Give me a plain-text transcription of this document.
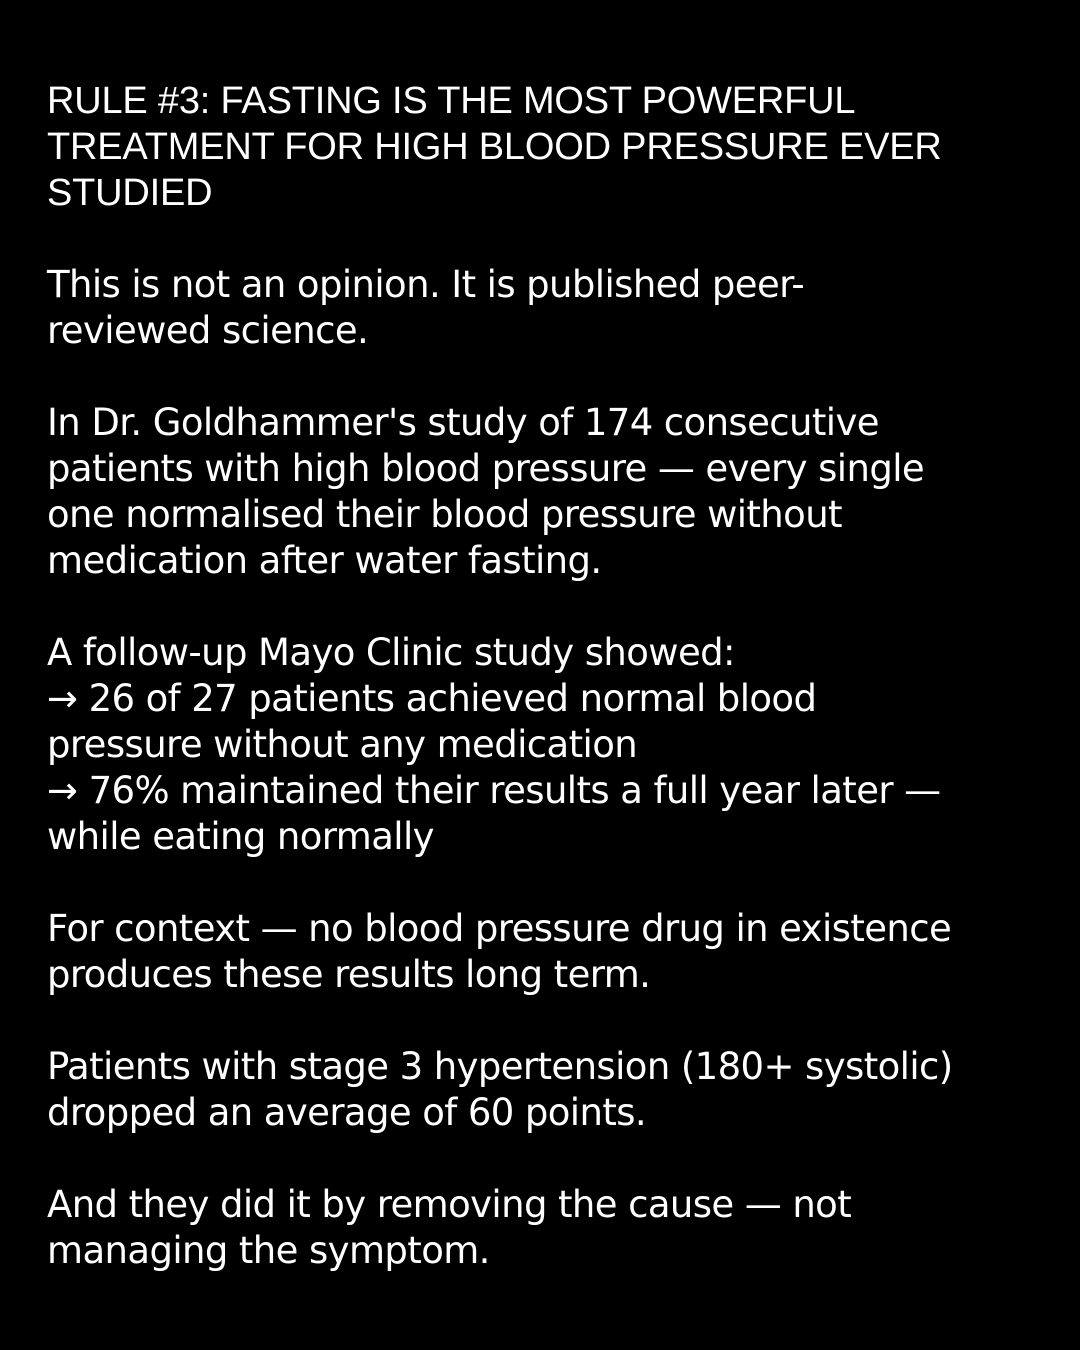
RULE #3: FASTING IS THE MOST POWERFUL
TREATMENT FOR HIGH BLOOD PRESSURE EVER
STUDIED

This is not an opinion. It is published peer-
reviewed science.

In Dr. Goldhammer's study of 174 consecutive
patients with high blood pressure — every single
one normalised their blood pressure without
medication after water fasting.

A follow-up Mayo Clinic study showed:
→ 26 of 27 patients achieved normal blood
pressure without any medication
→ 76% maintained their results a full year later —
while eating normally

For context — no blood pressure drug in existence
produces these results long term.

Patients with stage 3 hypertension (180+ systolic)
dropped an average of 60 points.

And they did it by removing the cause — not
managing the symptom.
